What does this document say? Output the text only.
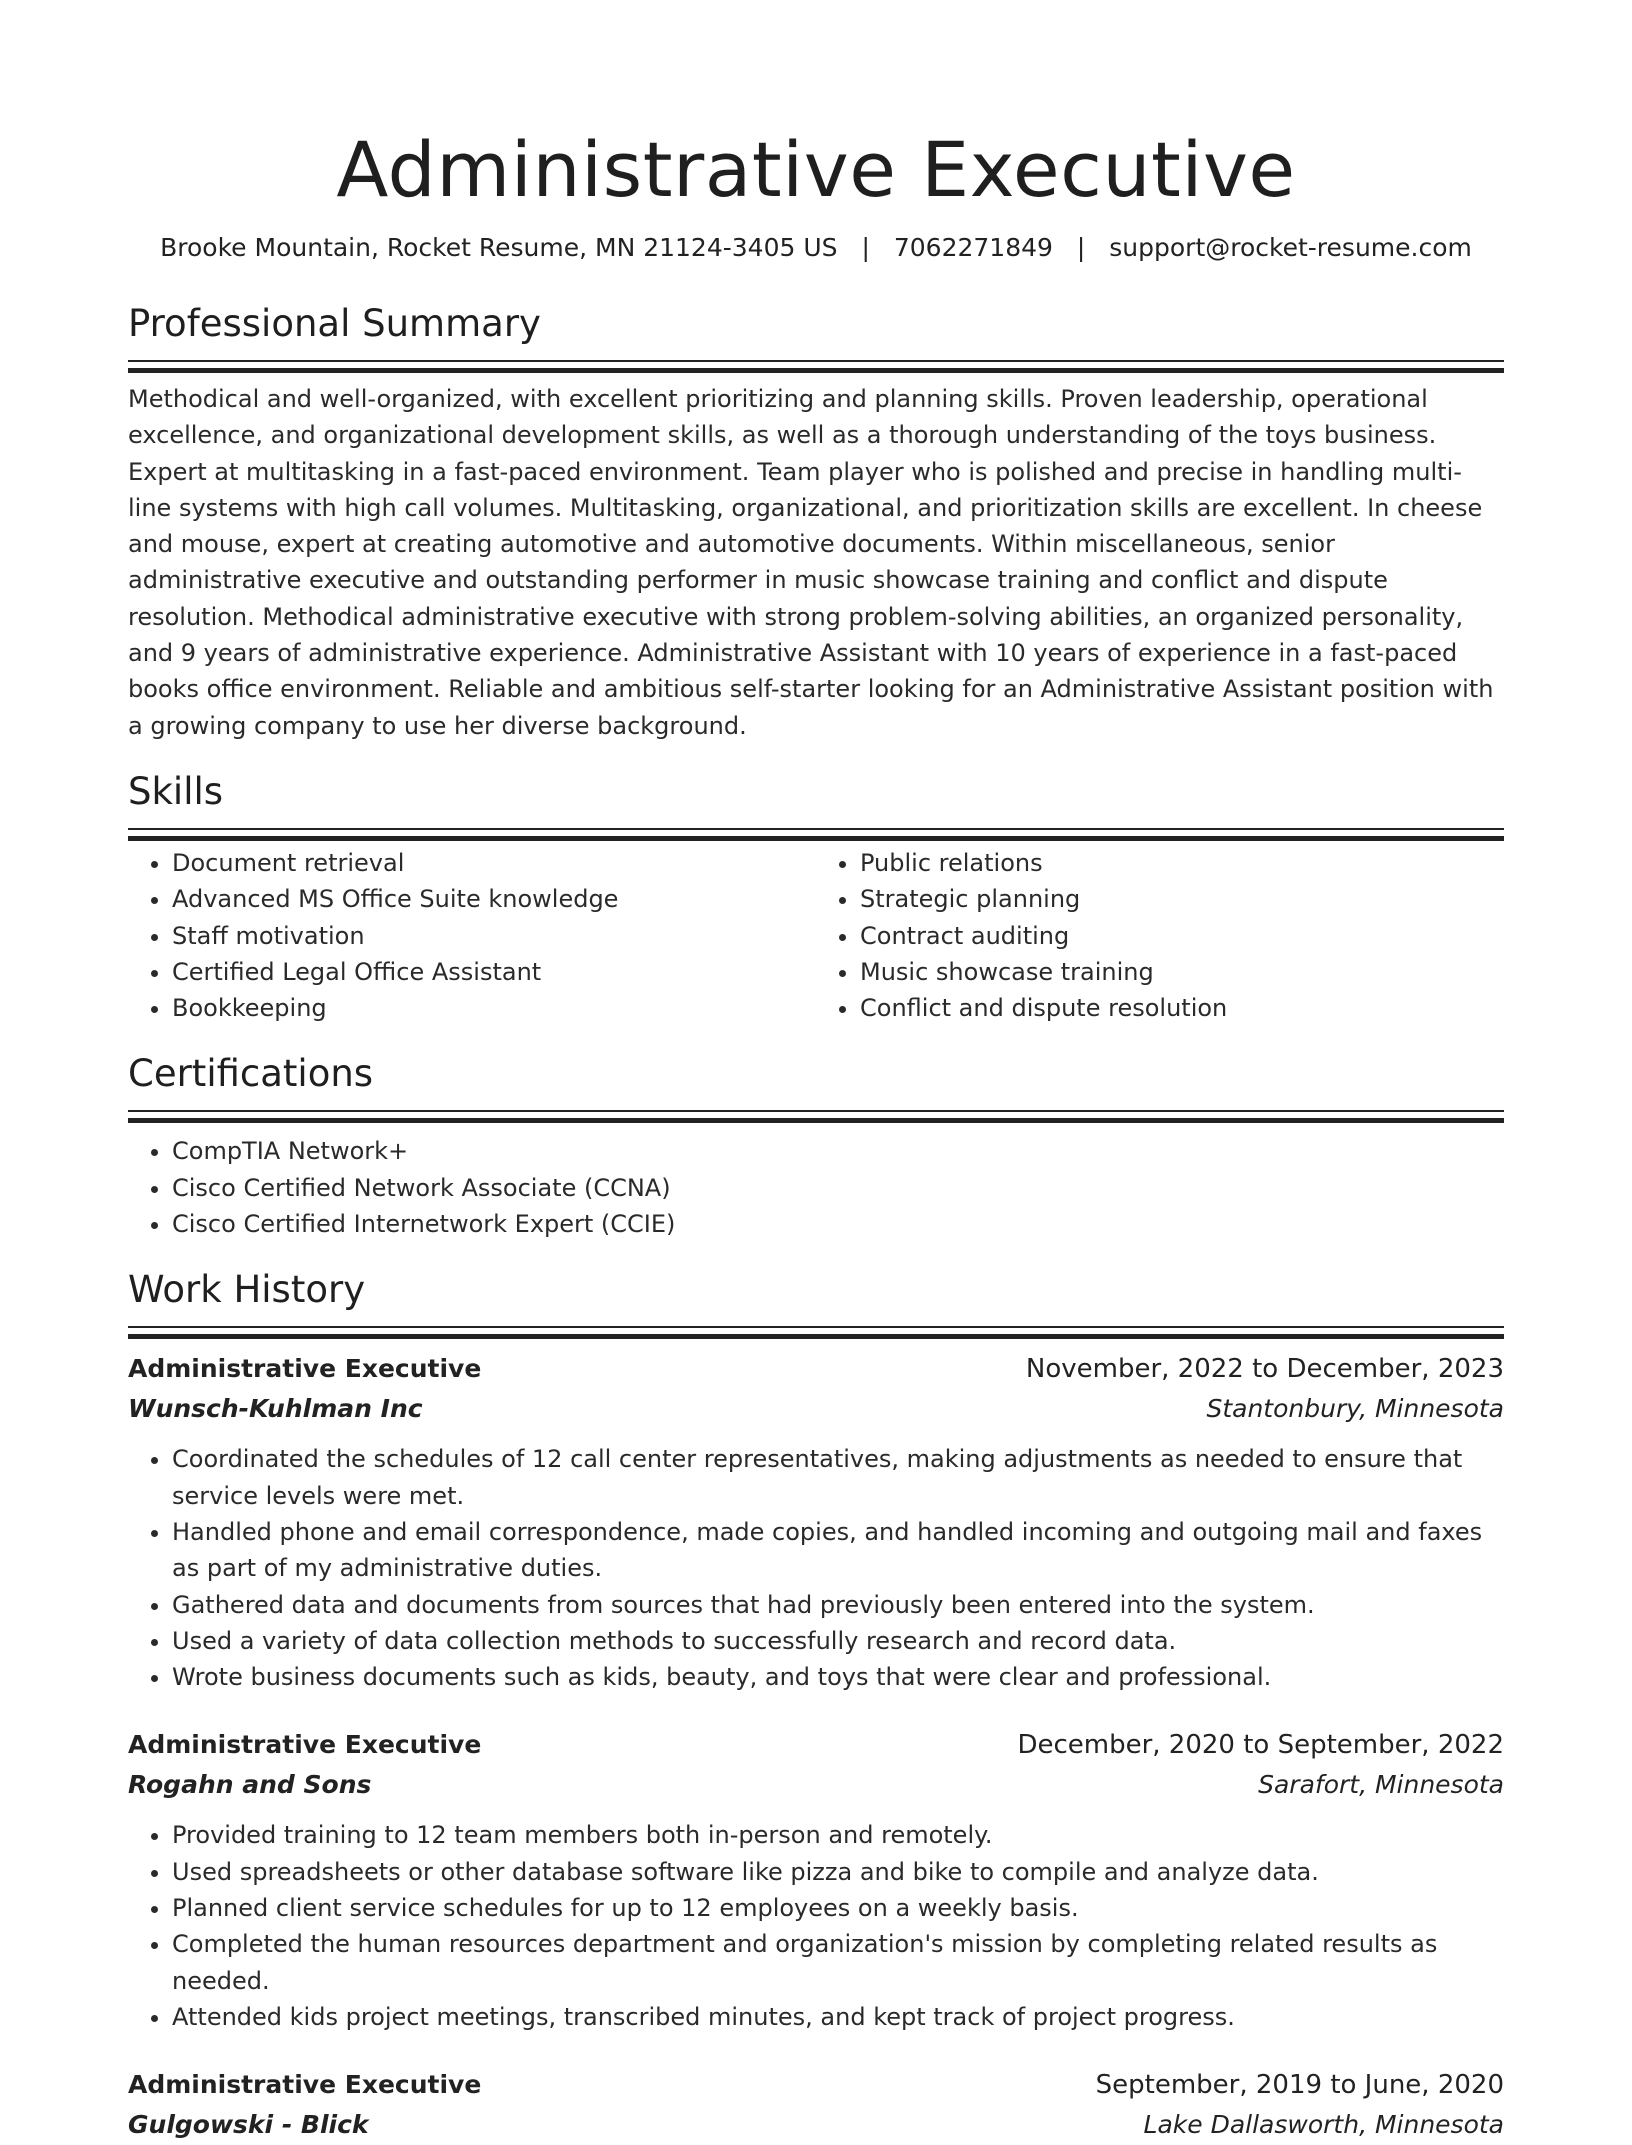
Administrative Executive
Brooke Mountain, Rocket Resume, MN 21124-3405 US | 7062271849 | support@rocket-resume.com
Professional Summary

Methodical and well-organized, with excellent prioritizing and planning skills. Proven leadership, operational excellence, and organizational development skills, as well as a thorough understanding of the toys business. Expert at multitasking in a fast-paced environment. Team player who is polished and precise in handling multi-line systems with high call volumes. Multitasking, organizational, and prioritization skills are excellent. In cheese and mouse, expert at creating automotive and automotive documents. Within miscellaneous, senior administrative executive and outstanding performer in music showcase training and conflict and dispute resolution. Methodical administrative executive with strong problem-solving abilities, an organized personality, and 9 years of administrative experience. Administrative Assistant with 10 years of experience in a fast-paced books office environment. Reliable and ambitious self-starter looking for an Administrative Assistant position with a growing company to use her diverse background.

Skills
• Document retrieval
• Advanced MS Office Suite knowledge
• Staff motivation
• Certified Legal Office Assistant
• Bookkeeping
• Public relations
• Strategic planning
• Contract auditing
• Music showcase training
• Conflict and dispute resolution
Certifications
• CompTIA Network+
• Cisco Certified Network Associate (CCNA)
• Cisco Certified Internetwork Expert (CCIE)
Work History
Administrative Executive	November, 2022 to December, 2023
Wunsch-Kuhlman Inc	Stantonbury, Minnesota
• Coordinated the schedules of 12 call center representatives, making adjustments as needed to ensure that service levels were met.
• Handled phone and email correspondence, made copies, and handled incoming and outgoing mail and faxes as part of my administrative duties.
• Gathered data and documents from sources that had previously been entered into the system.
• Used a variety of data collection methods to successfully research and record data.
• Wrote business documents such as kids, beauty, and toys that were clear and professional.
Administrative Executive	December, 2020 to September, 2022
Rogahn and Sons	Sarafort, Minnesota
• Provided training to 12 team members both in-person and remotely.
• Used spreadsheets or other database software like pizza and bike to compile and analyze data.
• Planned client service schedules for up to 12 employees on a weekly basis.
• Completed the human resources department and organization's mission by completing related results as needed.
• Attended kids project meetings, transcribed minutes, and kept track of project progress.
Administrative Executive	September, 2019 to June, 2020
Gulgowski - Blick	Lake Dallasworth, Minnesota
